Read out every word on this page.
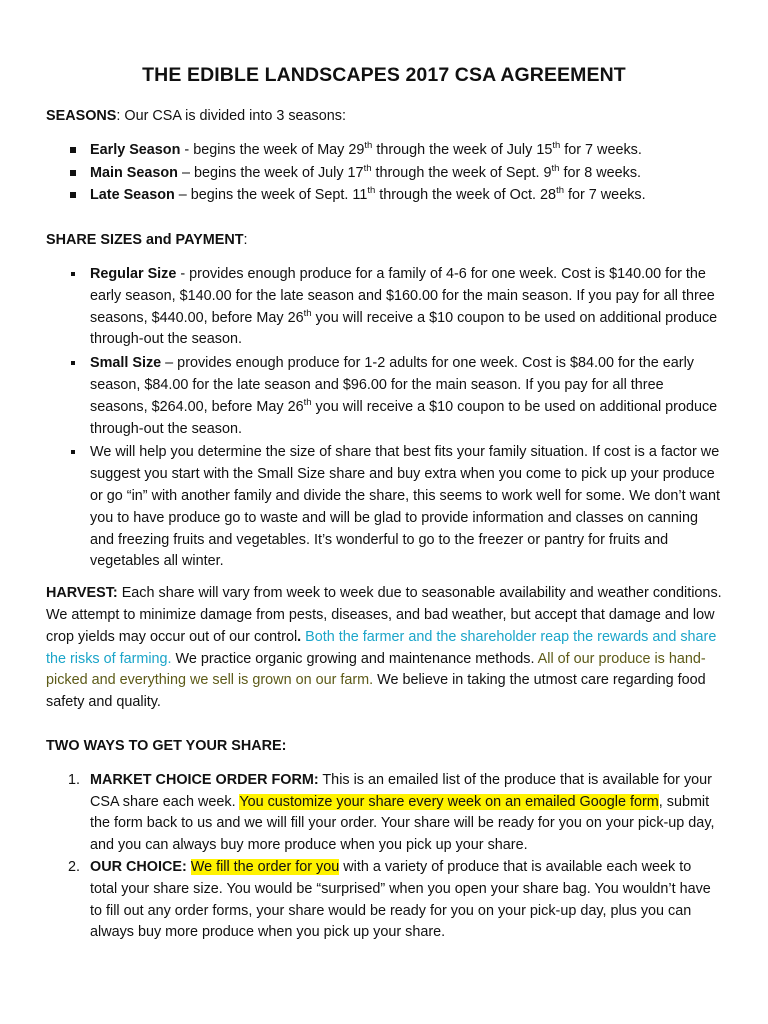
THE EDIBLE LANDSCAPES 2017 CSA AGREEMENT

SEASONS: Our CSA is divided into 3 seasons:

Early Season - begins the week of May 29th through the week of July 15th for 7 weeks.
Main Season – begins the week of July 17th through the week of Sept. 9th for 8 weeks.
Late Season – begins the week of Sept. 11th through the week of Oct. 28th for 7 weeks.

SHARE SIZES and PAYMENT:

Regular Size - provides enough produce for a family of 4-6 for one week. Cost is $140.00 for the early season, $140.00 for the late season and $160.00 for the main season. If you pay for all three seasons, $440.00, before May 26th you will receive a $10 coupon to be used on additional produce through-out the season.
Small Size – provides enough produce for 1-2 adults for one week. Cost is $84.00 for the early season, $84.00 for the late season and $96.00 for the main season. If you pay for all three seasons, $264.00, before May 26th you will receive a $10 coupon to be used on additional produce through-out the season.
We will help you determine the size of share that best fits your family situation. If cost is a factor we suggest you start with the Small Size share and buy extra when you come to pick up your produce or go “in” with another family and divide the share, this seems to work well for some. We don’t want you to have produce go to waste and will be glad to provide information and classes on canning and freezing fruits and vegetables. It’s wonderful to go to the freezer or pantry for fruits and vegetables all winter.

HARVEST: Each share will vary from week to week due to seasonable availability and weather conditions. We attempt to minimize damage from pests, diseases, and bad weather, but accept that damage and low crop yields may occur out of our control. Both the farmer and the shareholder reap the rewards and share the risks of farming. We practice organic growing and maintenance methods. All of our produce is hand-picked and everything we sell is grown on our farm. We believe in taking the utmost care regarding food safety and quality.

TWO WAYS TO GET YOUR SHARE:

1. MARKET CHOICE ORDER FORM: This is an emailed list of the produce that is available for your CSA share each week. You customize your share every week on an emailed Google form, submit the form back to us and we will fill your order. Your share will be ready for you on your pick-up day, and you can always buy more produce when you pick up your share.
2. OUR CHOICE: We fill the order for you with a variety of produce that is available each week to total your share size. You would be “surprised” when you open your share bag. You wouldn’t have to fill out any order forms, your share would be ready for you on your pick-up day, plus you can always buy more produce when you pick up your share.
